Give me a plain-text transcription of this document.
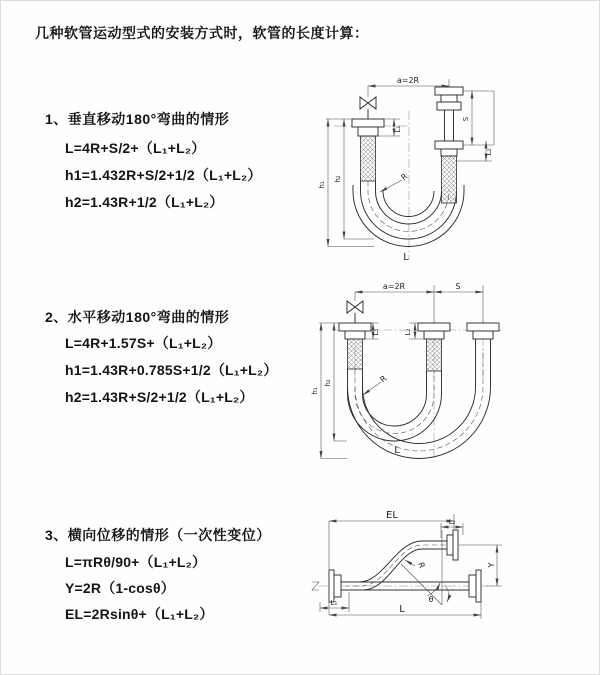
几种软管运动型式的安装方式时，软管的长度计算：
1、垂直移动180°弯曲的情形
L=4R+S/2+（L₁+L₂）
h1=1.432R+S/2+1/2（L₁+L₂）
h2=1.43R+1/2（L₁+L₂）
a=2R
L₁
S
L₂
h₁
h₂	R
L
2、水平移动180°弯曲的情形
L=4R+1.57S+（L₁+L₂）
h1=1.43R+0.785S+1/2（L₁+L₂）
h2=1.43R+S/2+1/2（L₁+L₂）
a=2R	S
L₁	L₂
h₁
h₂	R
L
3、横向位移的情形（一次性变位）
L=πRθ/90+（L₁+L₂）
Y=2R（1-cosθ）
EL=2Rsinθ+（L₁+L₂）
EL
L₂
Y
L₁
L
R
θ
